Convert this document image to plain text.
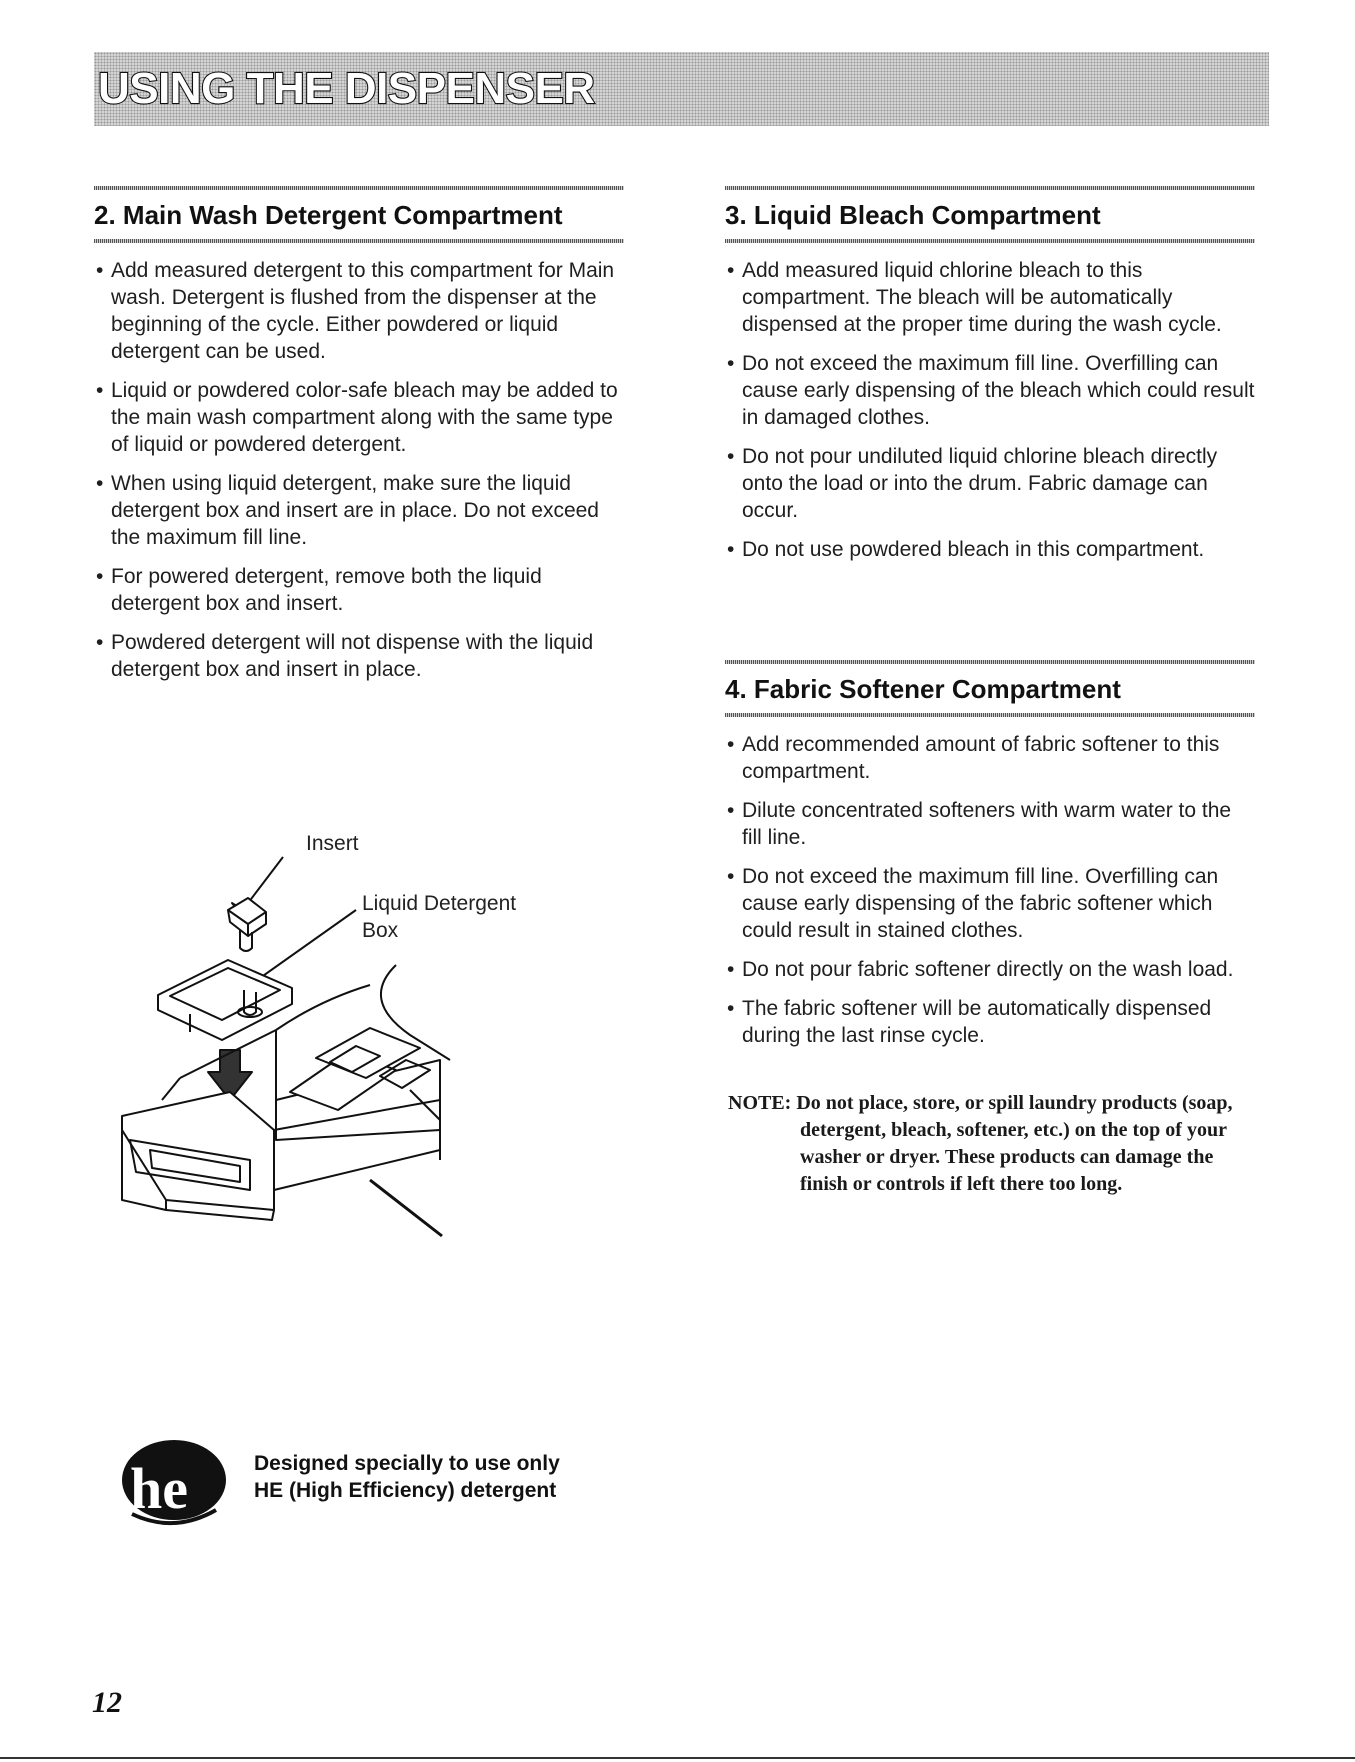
USING THE DISPENSER
2. Main Wash Detergent Compartment
• Add measured detergent to this compartment for Main wash. Detergent is flushed from the dispenser at the beginning of the cycle. Either powdered or liquid detergent can be used.
• Liquid or powdered color-safe bleach may be added to the main wash compartment along with the same type of liquid or powdered detergent.
• When using liquid detergent, make sure the liquid detergent box and insert are in place. Do not exceed the maximum fill line.
• For powered detergent, remove both the liquid detergent box and insert.
• Powdered detergent will not dispense with the liquid detergent box and insert in place.
3. Liquid Bleach Compartment
• Add measured liquid chlorine bleach to this compartment. The bleach will be automatically dispensed at the proper time during the wash cycle.
• Do not exceed the maximum fill line. Overfilling can cause early dispensing of the bleach which could result in damaged clothes.
• Do not pour undiluted liquid chlorine bleach directly onto the load or into the drum. Fabric damage can occur.
• Do not use powdered bleach in this compartment.
4. Fabric Softener Compartment
• Add recommended amount of fabric softener to this compartment.
• Dilute concentrated softeners with warm water to the fill line.
• Do not exceed the maximum fill line. Overfilling can cause early dispensing of the fabric softener which could result in stained clothes.
• Do not pour fabric softener directly on the wash load.
• The fabric softener will be automatically dispensed during the last rinse cycle.

NOTE: Do not place, store, or spill laundry products (soap, detergent, bleach, softener, etc.) on the top of your washer or dryer. These products can damage the finish or controls if left there too long.

Insert
Liquid Detergent
Box
he	Designed specially to use only
HE (High Efficiency) detergent
12
